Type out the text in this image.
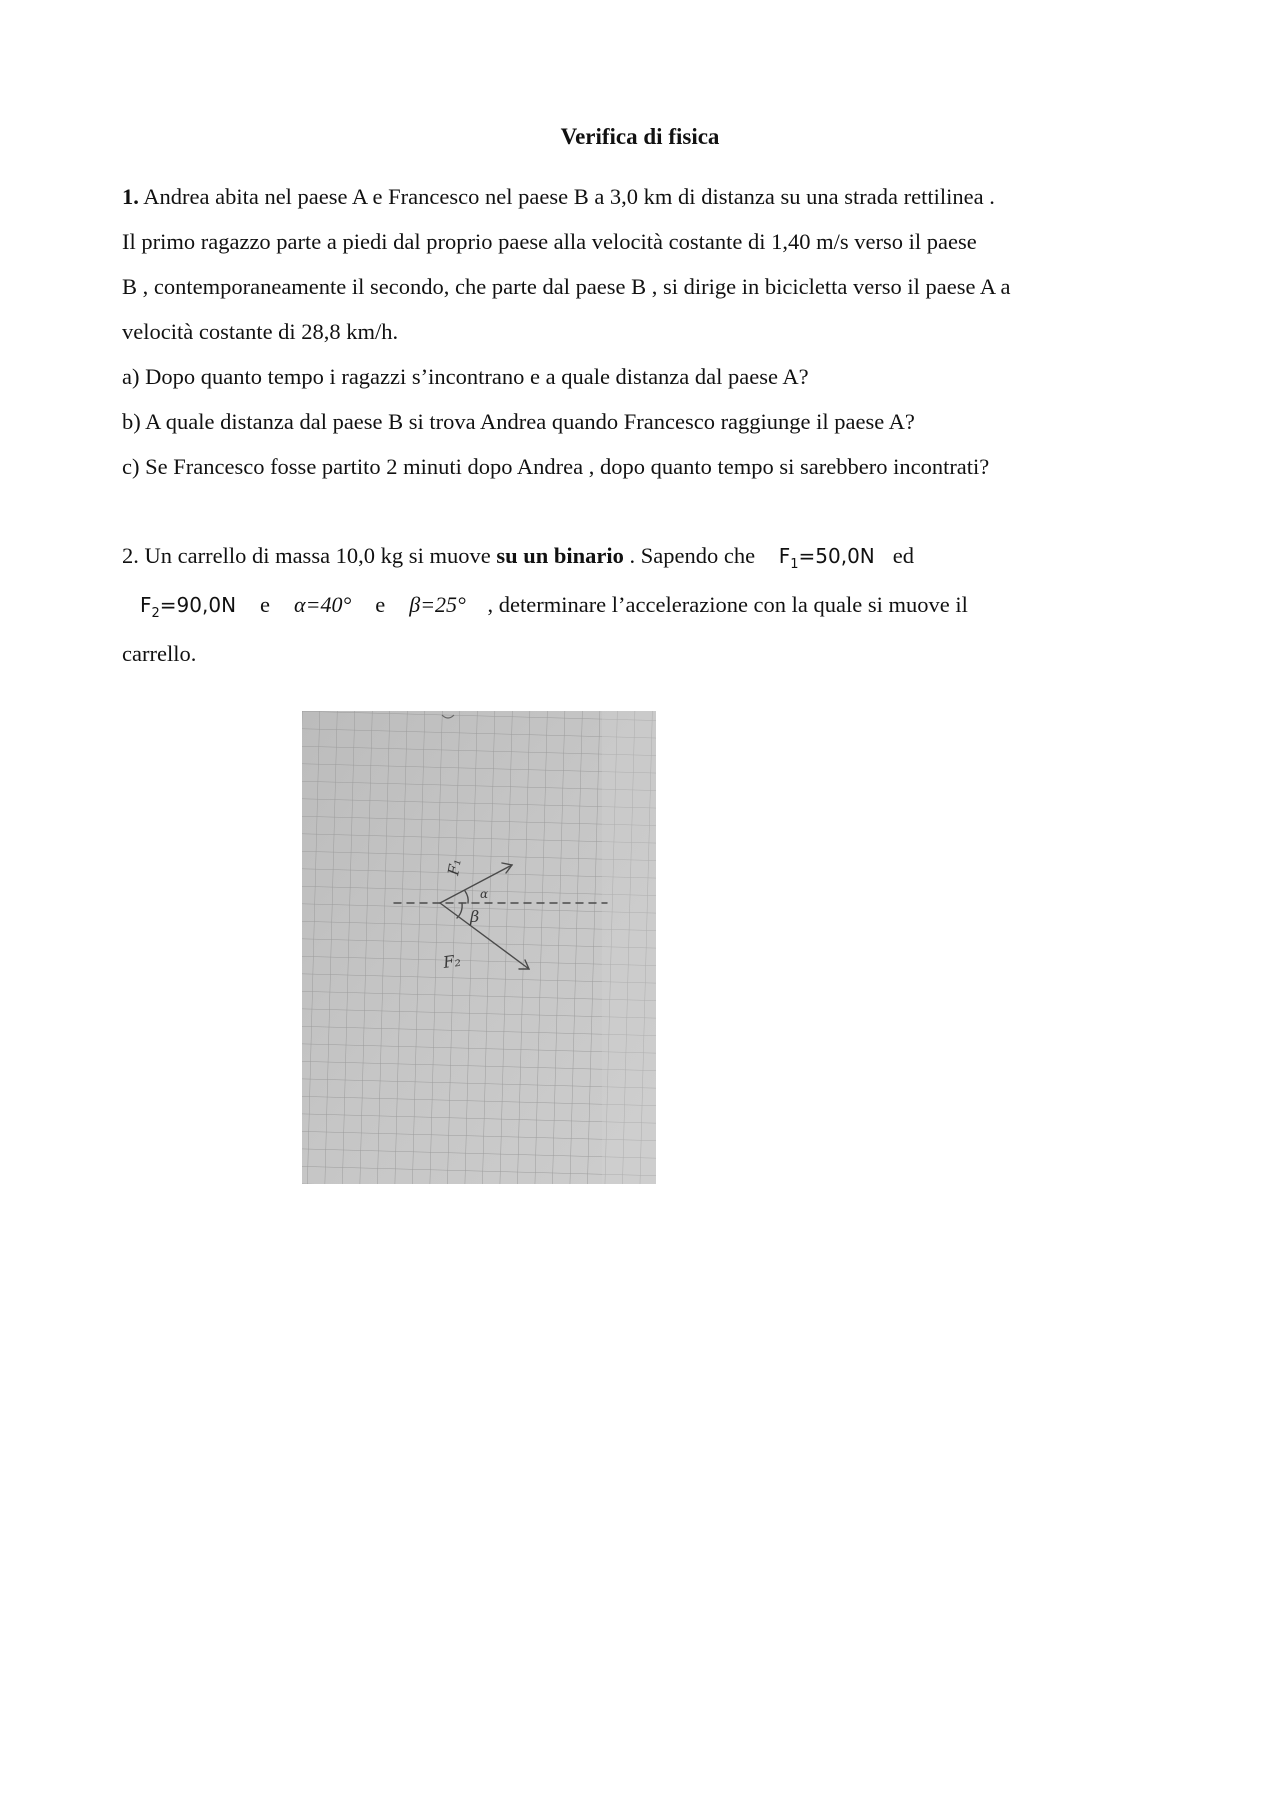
Verifica di fisica
1. Andrea abita nel paese A e Francesco nel paese B a 3,0 km di distanza su una strada rettilinea .
Il primo ragazzo parte a piedi dal proprio paese alla velocità costante di 1,40 m/s verso il paese
B , contemporaneamente il secondo, che parte dal paese B , si dirige in bicicletta verso il paese A a
velocità costante di 28,8 km/h.
a) Dopo quanto tempo i ragazzi s’incontrano e a quale distanza dal paese A?
b) A quale distanza dal paese B si trova Andrea quando Francesco raggiunge il paese A?
c) Se Francesco fosse partito 2 minuti dopo Andrea , dopo quanto tempo si sarebbero incontrati?
2. Un carrello di massa 10,0 kg si muove su un binario . Sapendo che $F_1=50,0N$ ed
$F_2=90,0N$ e α=40° e β=25° , determinare l’accelerazione con la quale si muove il
carrello.
F₁
α
β
F₂
